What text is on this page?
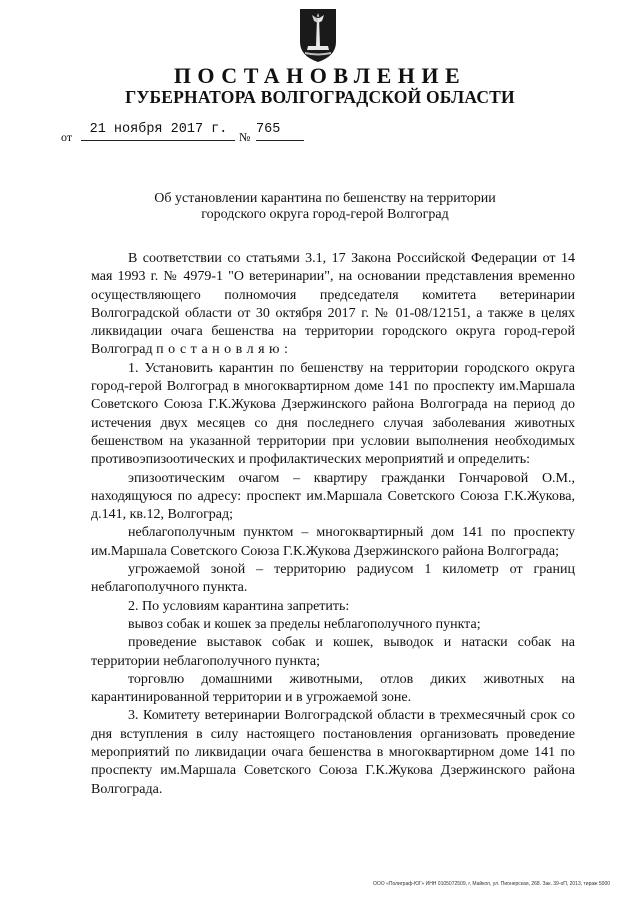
ПОСТАНОВЛЕНИЕ
ГУБЕРНАТОРА ВОЛГОГРАДСКОЙ ОБЛАСТИ
от	21 ноября 2017 г. № 765
Об установлении карантина по бешенству на территории
городского округа город-герой Волгоград

В соответствии со статьями 3.1, 17 Закона Российской Федерации от 14 мая 1993 г. № 4979-1 "О ветеринарии", на основании представления временно осуществляющего полномочия председателя комитета ветеринарии Волгоградской области от 30 октября 2017 г. № 01-08/12151, а также в целях ликвидации очага бешенства на территории городского округа город-герой Волгоград постановляю:

1. Установить карантин по бешенству на территории городского округа город-герой Волгоград в многоквартирном доме 141 по проспекту им.Маршала Советского Союза Г.К.Жукова Дзержинского района Волгограда на период до истечения двух месяцев со дня последнего случая заболевания животных бешенством на указанной территории при условии выполнения необходимых противоэпизоотических и профилактических мероприятий и определить:

эпизоотическим очагом – квартиру гражданки Гончаровой О.М., находящуюся по адресу: проспект им.Маршала Советского Союза Г.К.Жукова, д.141, кв.12, Волгоград;

неблагополучным пунктом – многоквартирный дом 141 по проспекту им.Маршала Советского Союза Г.К.Жукова Дзержинского района Волгограда;

угрожаемой зоной – территорию радиусом 1 километр от границ неблагополучного пункта.

2. По условиям карантина запретить:

вывоз собак и кошек за пределы неблагополучного пункта;

проведение выставок собак и кошек, выводок и натаски собак на территории неблагополучного пункта;

торговлю домашними животными, отлов диких животных на карантинированной территории и в угрожаемой зоне.

3. Комитету ветеринарии Волгоградской области в трехмесячный срок со дня вступления в силу настоящего постановления организовать проведение мероприятий по ликвидации очага бешенства в многоквартирном доме 141 по проспекту им.Маршала Советского Союза Г.К.Жукова Дзержинского района Волгограда.

ООО «Полиграф-ЮГ» ИНН 0105072509, г. Майкоп, ул. Пионерская, 268. Зак. 39-оП, 2013, тираж 5000
